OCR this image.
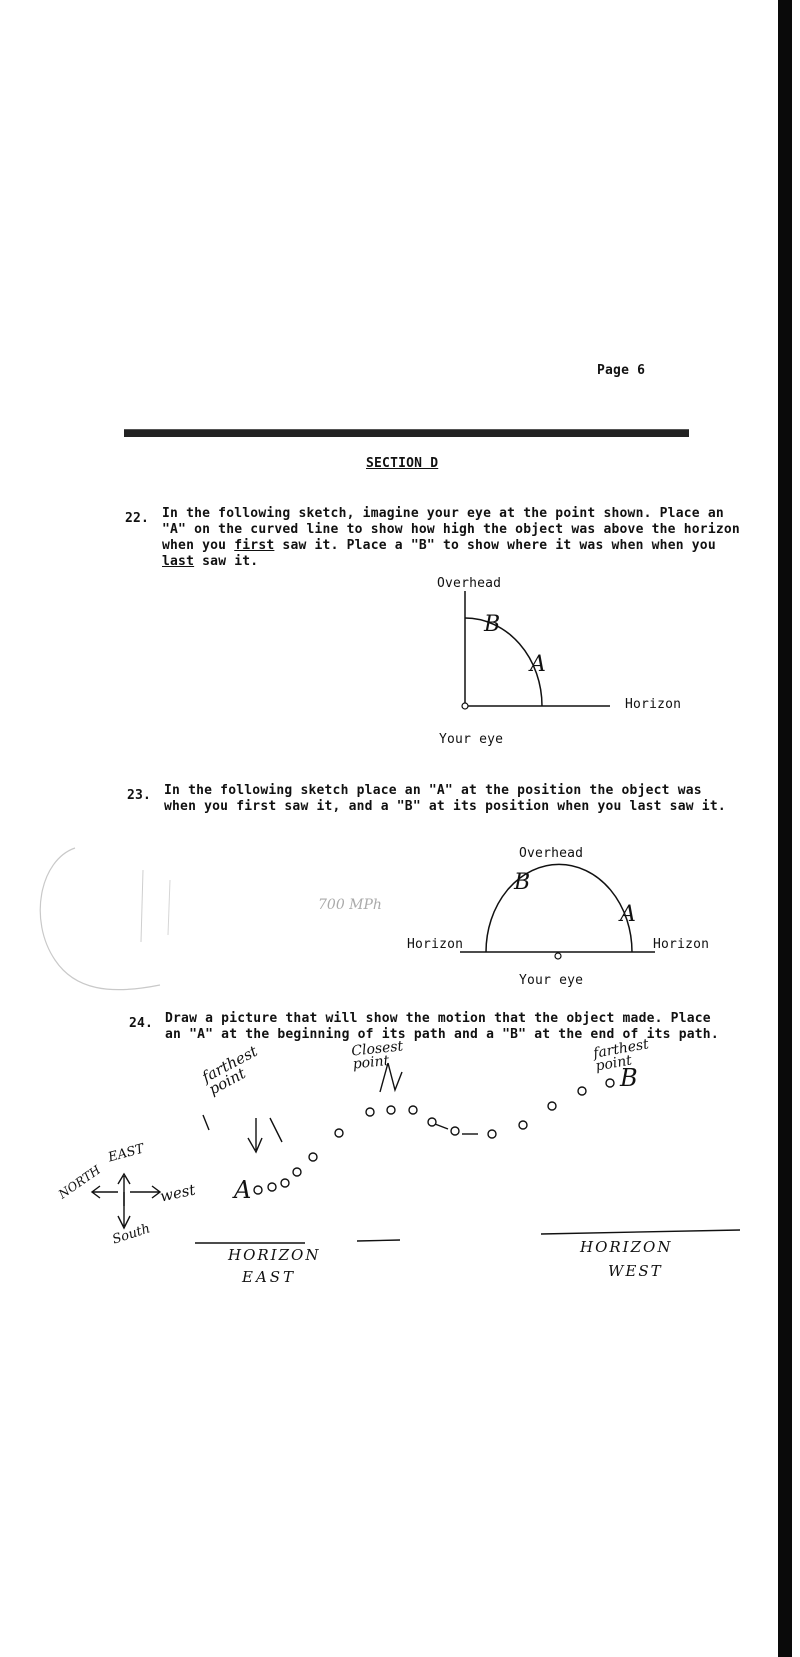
Page 6
SECTION D
22. In the following sketch, imagine your eye at the point shown. Place an
"A" on the curved line to show how high the object was above the horizon
when you first saw it. Place a "B" to show where it was when when you
last saw it.
Overhead
Horizon
Your eye
B
A
23. In the following sketch place an "A" at the position the object was
when you first saw it, and a "B" at its position when you last saw it.
700 MPh
Overhead
Horizon	Horizon
Your eye
B
A
24. Draw a picture that will show the motion that the object made. Place
an "A" at the beginning of its path and a "B" at the end of its path.
farthest point
Closest point
farthest point
A
B
EAST
NORTH	west
South
HORIZON
EAST
HORIZON
WEST
